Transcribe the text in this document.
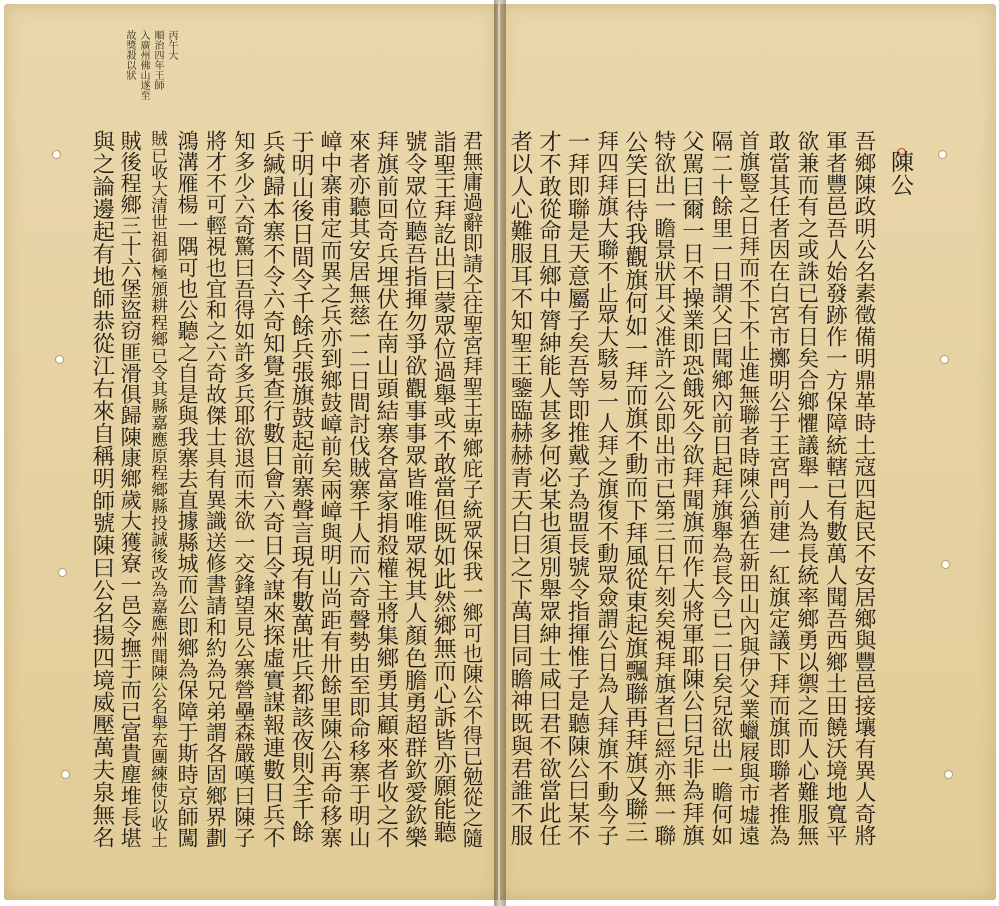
丙午大
順治四年王師
入廣州佛山遂至
故獎殺以狀
陳公
吾鄉陳政明公名素徵備明鼎革時土寇四起民不安居鄉與豐邑接壤有異人奇將
軍者豐邑吾人始發跡作一方保障統轄已有數萬人聞吾西鄉土田饒沃境地寬平
欲兼而有之或誅已有日矣合鄉懼議舉一人為長統率鄉勇以禦之而人心難服無
敢當其任者因在白宮市擲明公于王宮門前建一紅旗定議下拜而旗即聯者推為
首旗豎之日拜而不下不止進無聯者時陳公猶在新田山內與伊父業蠟屐與市墟遠
隔二十餘里一日謂父曰聞鄉內前日起拜旗舉為長今已二日矣兒欲出一瞻何如
父駡曰爾一日不操業即恐餓死今欲拜聞旗而作大將軍耶陳公曰兒非為拜旗
特欲出一瞻景狀耳父准許之公即出市已第三日午刻矣視拜旗者已經亦無一聯
公笑曰待我觀旗何如一拜而旗不動而下拜風從東起旗飄聯再拜旗又聯三
拜四拜旗大聯不止眾大駭易一人拜之旗復不動眾僉謂公日為人拜旗不動今子
一拜即聯是天意屬子矣吾等即推戴子為盟長號令指揮惟子是聽陳公曰某不
才不敢從命且鄉中膂紳能人甚多何必某也須別舉眾紳士咸曰君不欲當此任
者以人心難服耳不知聖王鑒臨赫赫青天白日之下萬目同瞻神既與君誰不服
君無庸過辭即請仝往聖宮拜聖王卑鄉庇子統眾保我一鄉可也陳公不得已勉從之隨
詣聖王拜訖出曰蒙眾位過舉或不敢當但既如此然鄉無而心訴皆亦願能聽
號令眾位聽吾指揮勿爭欲觀事事眾皆唯唯眾視其人顏色膽勇超群欽愛欽樂
拜旗前回奇兵埋伏在南山頭結寨各富家捐殺權主將集鄉勇其顧來者收之不
來者亦聽其安居無慈一二日間討伐賊寨千人而六奇聲勢由至即命移寨于明山
嶂中寨甫定而異之兵亦到鄉鼓嶂前矣兩嶂與明山尚距有卅餘里陳公再命移寨
于明山後日間令千餘兵張旗鼓起前寨聲言現有數萬壯兵都該夜則全千餘
兵緘歸本寨不令六奇知覺查行數日會六奇日令謀來探虛實謀報連數日兵不
知多少六奇驚曰吾得如許多兵耶欲退而未欲一交鋒望見公寨營壘森嚴嘆曰陳子
將才不可輕視也宜和之六奇故傑士具有異識送修書請和約為兄弟謂各固鄉界劃
鴻溝雁楊一隅可也公聽之自是與我寨去直據縣城而公即鄉為保障于斯時京師闖
賊已收大清世祖御極頒耕程鄉已令其縣嘉應原程鄉縣投誠後改為嘉應州聞陳公名舉充團練使以收土
賊後程鄉三十六堡盜窃匪滑俱歸陳康鄉歲大獲寮一邑令撫于而已富貴塵堆長堪
與之論邊起有地師恭從江右來自稱明師號陳曰公名揚四境威壓萬夫泉無名
